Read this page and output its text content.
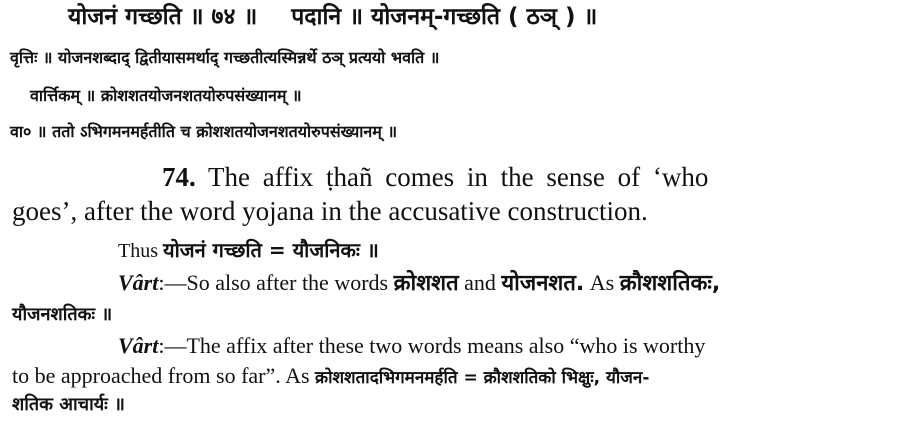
योजनं गच्छति ॥ ७४ ॥ पदानि ॥ योजनम्-गच्छति ( ठञ् ) ॥
वृत्तिः ॥ योजनशब्दाद् द्वितीयासमर्थाद् गच्छतीत्यस्मिन्नर्थे ठञ् प्रत्ययो भवति ॥
वार्त्तिकम् ॥ क्रोशशतयोजनशतयोरुपसंख्यानम् ॥
वा० ॥ ततो ऽभिगमनमर्हतीति च क्रोशशतयोजनशतयोरुपसंख्यानम् ॥
74. The affix ṭhañ comes in the sense of ‘who
goes’, after the word yojana in the accusative construction.
Thus योजनं गच्छति = यौजनिकः ॥
Vârt:—So also after the words क्रोशशत and योजनशत. As क्रौशशतिकः,
यौजनशतिकः ॥
Vârt:—The affix after these two words means also “who is worthy
to be approached from so far”. As क्रोशशतादभिगमनमर्हति = क्रौशशतिको भिक्षुः, यौजन-
शतिक आचार्यः ॥
